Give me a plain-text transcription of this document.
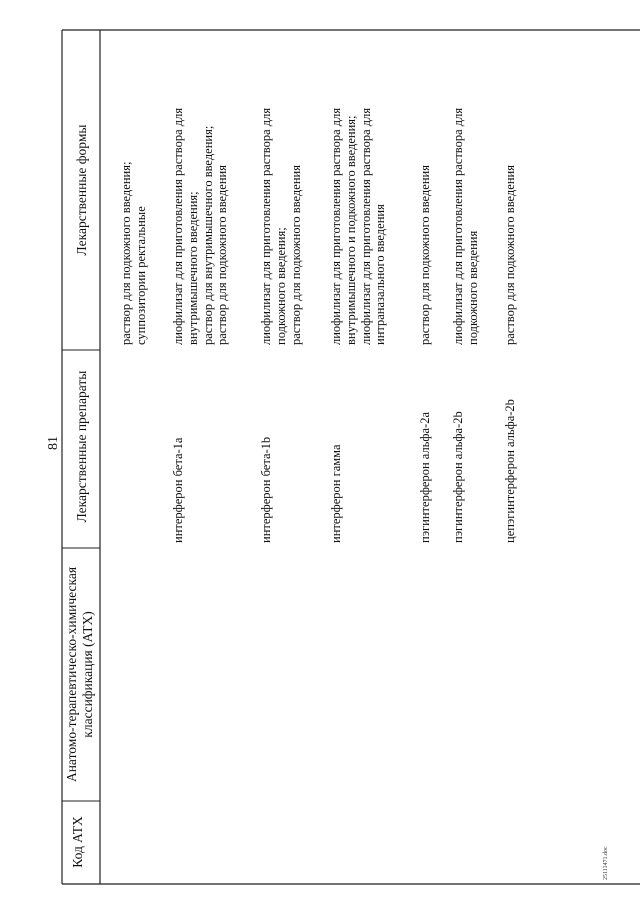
81
Код АТХ
Анатомо-терапевтическо-химическая классификация (АТХ)
Лекарственные препараты
Лекарственные формы раствор для подкожного введения; суппозитории ректальные
интерферон бета-1a
лиофилизат для приготовления раствора для внутримышечного введения; раствор для внутримышечного введения; раствор для подкожного введения
интерферон бета-1b
лиофилизат для приготовления раствора для подкожного введения; раствор для подкожного введения
интерферон гамма
лиофилизат для приготовления раствора для внутримышечного и подкожного введения; лиофилизат для приготовления раствора для интраназального введения
пэгинтерферон альфа-2a
раствор для подкожного введения
пэгинтерферон альфа-2b
лиофилизат для приготовления раствора для подкожного введения
цепэгинтерферон альфа-2b
раствор для подкожного введения
25111471.doc
